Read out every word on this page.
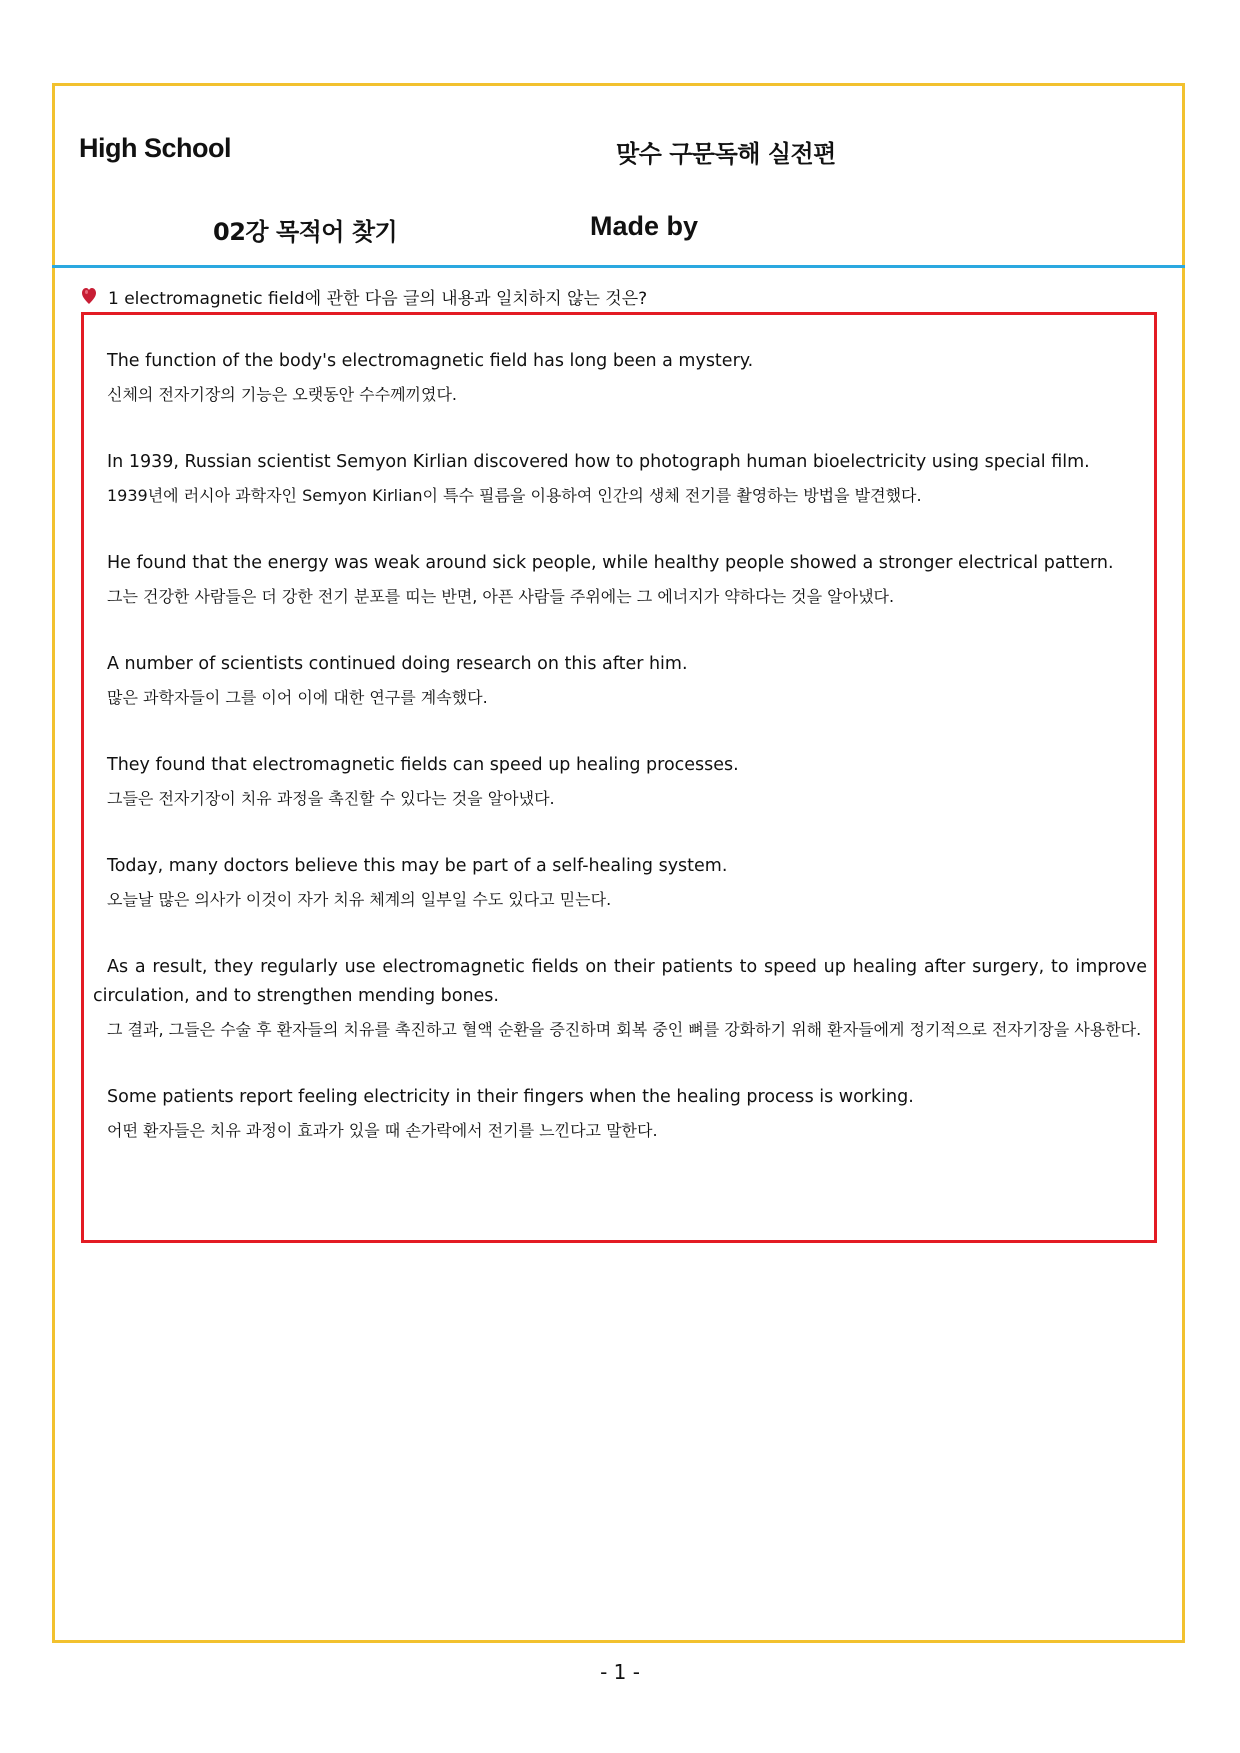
High School	맞수 구문독해 실전편
02강 목적어 찾기	Made by
1 electromagnetic field에 관한 다음 글의 내용과 일치하지 않는 것은?

The function of the body's electromagnetic field has long been a mystery.

신체의 전자기장의 기능은 오랫동안 수수께끼였다.

In 1939, Russian scientist Semyon Kirlian discovered how to photograph human bioelectricity using special film.

1939년에 러시아 과학자인 Semyon Kirlian이 특수 필름을 이용하여 인간의 생체 전기를 촬영하는 방법을 발견했다.

He found that the energy was weak around sick people, while healthy people showed a stronger electrical pattern.

그는 건강한 사람들은 더 강한 전기 분포를 띠는 반면, 아픈 사람들 주위에는 그 에너지가 약하다는 것을 알아냈다.

A number of scientists continued doing research on this after him.

많은 과학자들이 그를 이어 이에 대한 연구를 계속했다.

They found that electromagnetic fields can speed up healing processes.

그들은 전자기장이 치유 과정을 촉진할 수 있다는 것을 알아냈다.

Today, many doctors believe this may be part of a self-healing system.

오늘날 많은 의사가 이것이 자가 치유 체계의 일부일 수도 있다고 믿는다.

As a result, they regularly use electromagnetic fields on their patients to speed up healing after surgery, to improve circulation, and to strengthen mending bones.

그 결과, 그들은 수술 후 환자들의 치유를 촉진하고 혈액 순환을 증진하며 회복 중인 뼈를 강화하기 위해 환자들에게 정기적으로 전자기장을 사용한다.

Some patients report feeling electricity in their fingers when the healing process is working.

어떤 환자들은 치유 과정이 효과가 있을 때 손가락에서 전기를 느낀다고 말한다.

- 1 -
